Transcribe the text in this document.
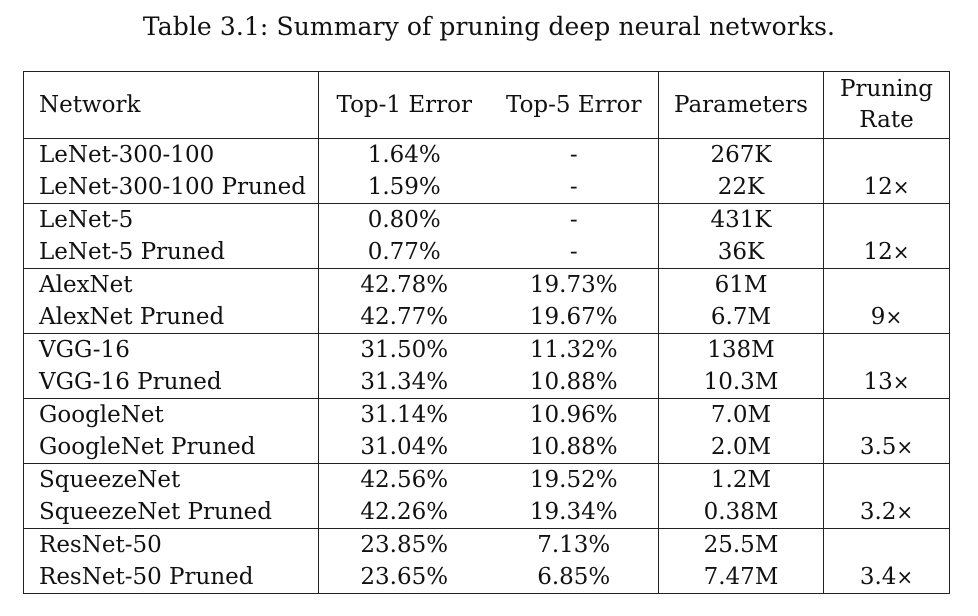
Table 3.1: Summary of pruning deep neural networks.
Network	Top-1 Error	Top-5 Error	Parameters	Pruning
Rate
LeNet-300-100	1.64%	-	267K	
LeNet-300-100 Pruned	1.59%	-	22K	12×
LeNet-5	0.80%	-	431K	
LeNet-5 Pruned	0.77%	-	36K	12×
AlexNet	42.78%	19.73%	61M	
AlexNet Pruned	42.77%	19.67%	6.7M	9×
VGG-16	31.50%	11.32%	138M	
VGG-16 Pruned	31.34%	10.88%	10.3M	13×
GoogleNet	31.14%	10.96%	7.0M	
GoogleNet Pruned	31.04%	10.88%	2.0M	3.5×
SqueezeNet	42.56%	19.52%	1.2M	
SqueezeNet Pruned	42.26%	19.34%	0.38M	3.2×
ResNet-50	23.85%	7.13%	25.5M	
ResNet-50 Pruned	23.65%	6.85%	7.47M	3.4×
